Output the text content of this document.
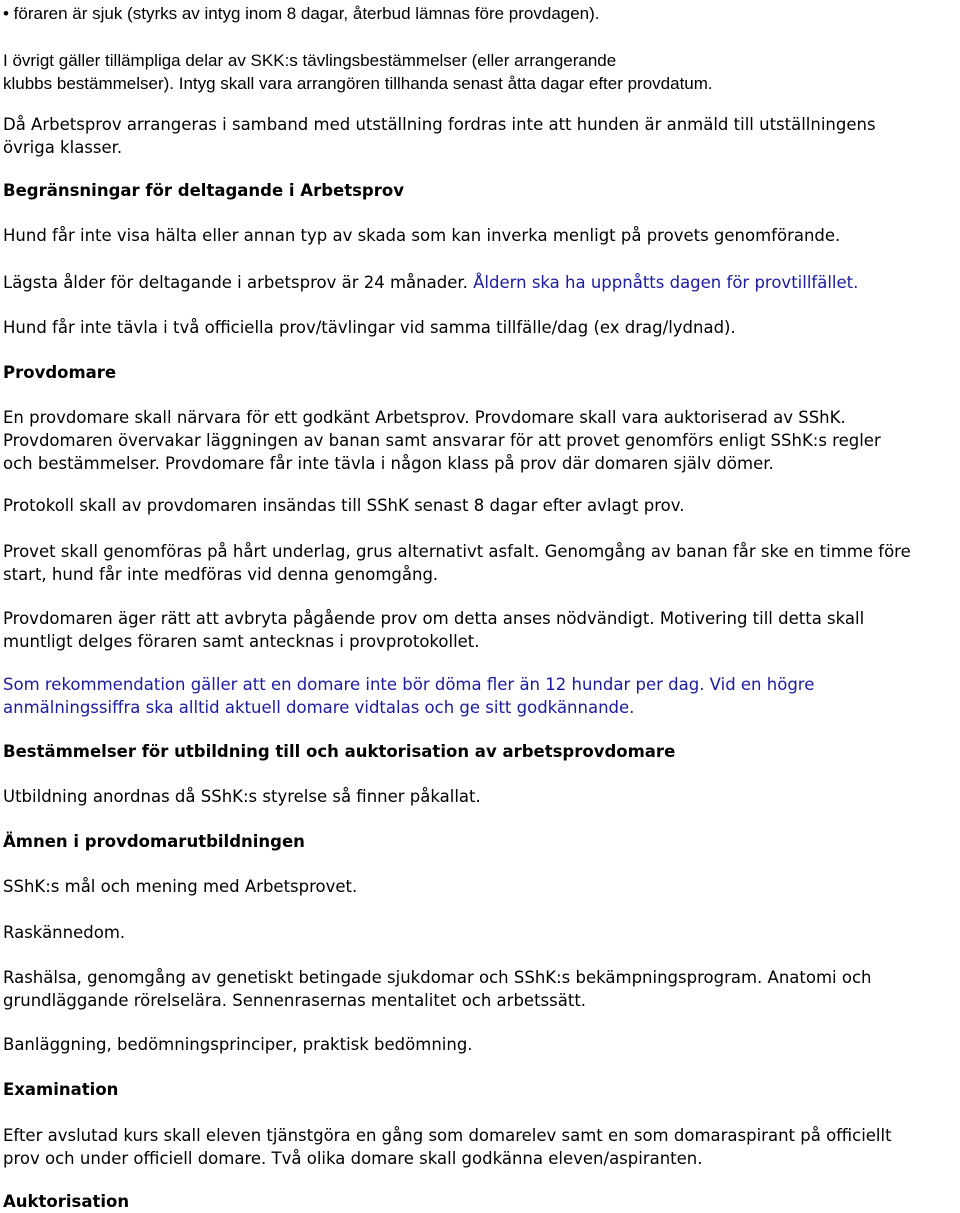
• föraren är sjuk (styrks av intyg inom 8 dagar, återbud lämnas före provdagen).

I övrigt gäller tillämpliga delar av SKK:s tävlingsbestämmelser (eller arrangerande
klubbs bestämmelser). Intyg skall vara arrangören tillhanda senast åtta dagar efter provdatum.

Då Arbetsprov arrangeras i samband med utställning fordras inte att hunden är anmäld till utställningens
övriga klasser.

Begränsningar för deltagande i Arbetsprov

Hund får inte visa hälta eller annan typ av skada som kan inverka menligt på provets genomförande.

Lägsta ålder för deltagande i arbetsprov är 24 månader. Åldern ska ha uppnåtts dagen för provtillfället.

Hund får inte tävla i två officiella prov/tävlingar vid samma tillfälle/dag (ex drag/lydnad).

Provdomare

En provdomare skall närvara för ett godkänt Arbetsprov. Provdomare skall vara auktoriserad av SShK.
Provdomaren övervakar läggningen av banan samt ansvarar för att provet genomförs enligt SShK:s regler
och bestämmelser. Provdomare får inte tävla i någon klass på prov där domaren själv dömer.

Protokoll skall av provdomaren insändas till SShK senast 8 dagar efter avlagt prov.

Provet skall genomföras på hårt underlag, grus alternativt asfalt. Genomgång av banan får ske en timme före
start, hund får inte medföras vid denna genomgång.

Provdomaren äger rätt att avbryta pågående prov om detta anses nödvändigt. Motivering till detta skall
muntligt delges föraren samt antecknas i provprotokollet.

Som rekommendation gäller att en domare inte bör döma fler än 12 hundar per dag. Vid en högre
anmälningssiffra ska alltid aktuell domare vidtalas och ge sitt godkännande.

Bestämmelser för utbildning till och auktorisation av arbetsprovdomare

Utbildning anordnas då SShK:s styrelse så finner påkallat.

Ämnen i provdomarutbildningen

SShK:s mål och mening med Arbetsprovet.

Raskännedom.

Rashälsa, genomgång av genetiskt betingade sjukdomar och SShK:s bekämpningsprogram. Anatomi och
grundläggande rörelselära. Sennenrasernas mentalitet och arbetssätt.

Banläggning, bedömningsprinciper, praktisk bedömning.

Examination

Efter avslutad kurs skall eleven tjänstgöra en gång som domarelev samt en som domaraspirant på officiellt
prov och under officiell domare. Två olika domare skall godkänna eleven/aspiranten.

Auktorisation
